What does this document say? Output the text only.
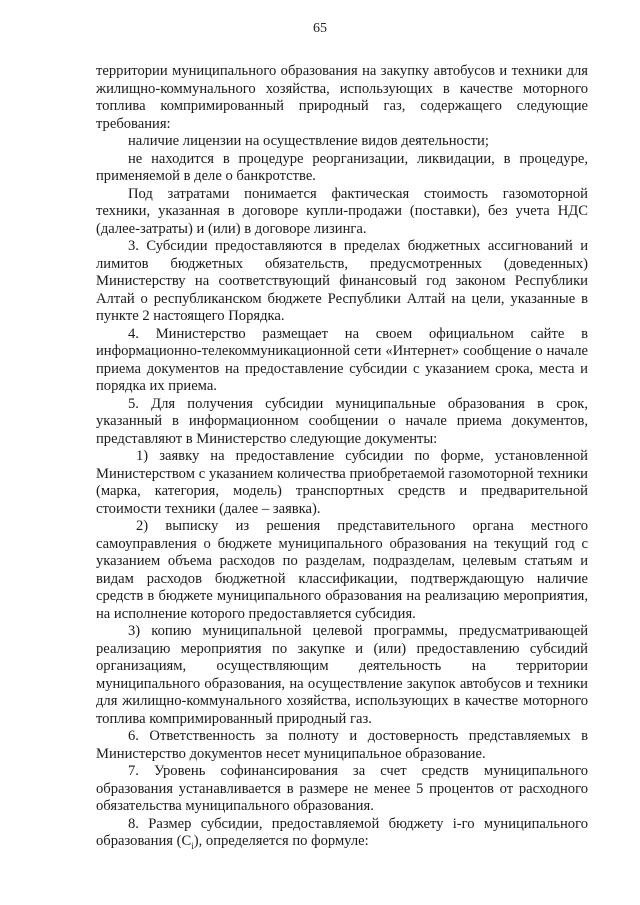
65

территории муниципального образования на закупку автобусов и техники для жилищно-коммунального хозяйства, использующих в качестве моторного топлива компримированный природный газ, содержащего следующие требования:

наличие лицензии на осуществление видов деятельности;

не находится в процедуре реорганизации, ликвидации, в процедуре, применяемой в деле о банкротстве.

Под затратами понимается фактическая стоимость газомоторной техники, указанная в договоре купли-продажи (поставки), без учета НДС (далее-затраты) и (или) в договоре лизинга.

3. Субсидии предоставляются в пределах бюджетных ассигнований и лимитов бюджетных обязательств, предусмотренных (доведенных) Министерству на соответствующий финансовый год законом Республики Алтай о республиканском бюджете Республики Алтай на цели, указанные в пункте 2 настоящего Порядка.

4. Министерство размещает на своем официальном сайте в информационно-телекоммуникационной сети «Интернет» сообщение о начале приема документов на предоставление субсидии с указанием срока, места и порядка их приема.

5. Для получения субсидии муниципальные образования в срок, указанный в информационном сообщении о начале приема документов, представляют в Министерство следующие документы:

1) заявку на предоставление субсидии по форме, установленной Министерством с указанием количества приобретаемой газомоторной техники (марка, категория, модель) транспортных средств и предварительной стоимости техники (далее – заявка).

2) выписку из решения представительного органа местного самоуправления о бюджете муниципального образования на текущий год с указанием объема расходов по разделам, подразделам, целевым статьям и видам расходов бюджетной классификации, подтверждающую наличие средств в бюджете муниципального образования на реализацию мероприятия, на исполнение которого предоставляется субсидия.

3) копию муниципальной целевой программы, предусматривающей реализацию мероприятия по закупке и (или) предоставлению субсидий организациям, осуществляющим деятельность на территории муниципального образования, на осуществление закупок автобусов и техники для жилищно-коммунального хозяйства, использующих в качестве моторного топлива компримированный природный газ.

6. Ответственность за полноту и достоверность представляемых в Министерство документов несет муниципальное образование.

7. Уровень софинансирования за счет средств муниципального образования устанавливается в размере не менее 5 процентов от расходного обязательства муниципального образования.

8. Размер субсидии, предоставляемой бюджету i-го муниципального образования $(С_i)$, определяется по формуле:
